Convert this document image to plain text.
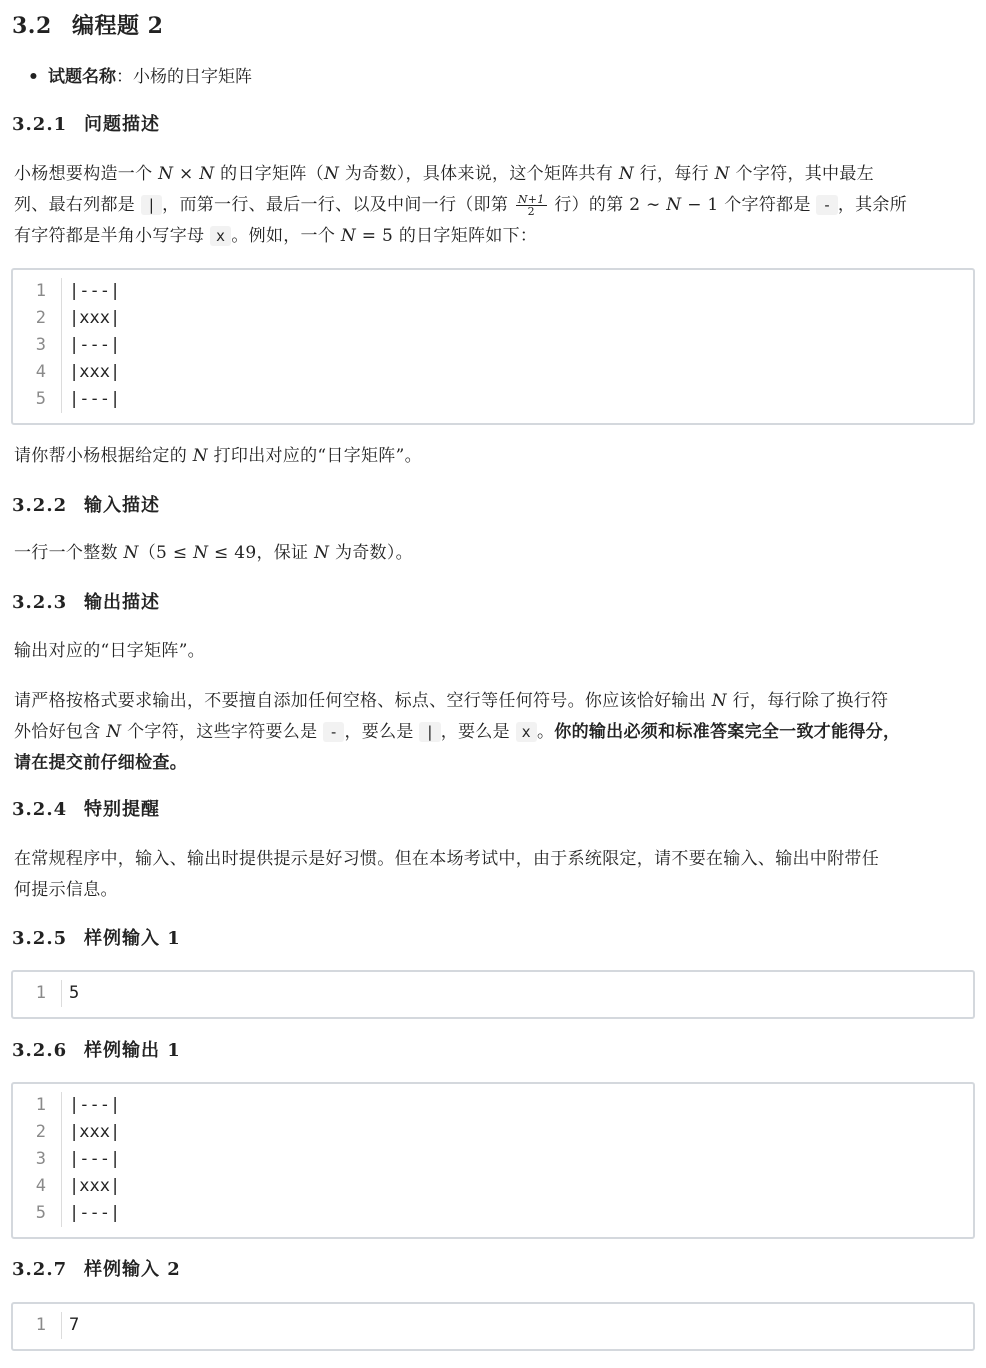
3.2 编程题 2
• 试题名称：小杨的日字矩阵
3.2.1 问题描述
小杨想要构造一个 N × N 的日字矩阵（N 为奇数），具体来说，这个矩阵共有 N 行，每行 N 个字符，其中最左
列、最右列都是 | ，而第一行、最后一行、以及中间一行（即第 $\frac{N+1}{2}$ 行）的第 2 ∼ N − 1 个字符都是 - ，其余所
有字符都是半角小写字母 x 。例如，一个 N = 5 的日字矩阵如下：
1 |---|
2 |xxx|
3 |---|
4 |xxx|
5 |---|
请你帮小杨根据给定的 N 打印出对应的“日字矩阵”。
3.2.2 输入描述
一行一个整数 N（5 ≤ N ≤ 49，保证 N 为奇数）。
3.2.3 输出描述
输出对应的“日字矩阵”。
请严格按格式要求输出，不要擅自添加任何空格、标点、空行等任何符号。你应该恰好输出 N 行，每行除了换行符
外恰好包含 N 个字符，这些字符要么是 - ，要么是 | ，要么是 x 。你的输出必须和标准答案完全一致才能得分，
请在提交前仔细检查。
3.2.4 特别提醒
在常规程序中，输入、输出时提供提示是好习惯。但在本场考试中，由于系统限定，请不要在输入、输出中附带任
何提示信息。
3.2.5 样例输入 1
1 5
3.2.6 样例输出 1
1 |---|
2 |xxx|
3 |---|
4 |xxx|
5 |---|
3.2.7 样例输入 2
1 7
